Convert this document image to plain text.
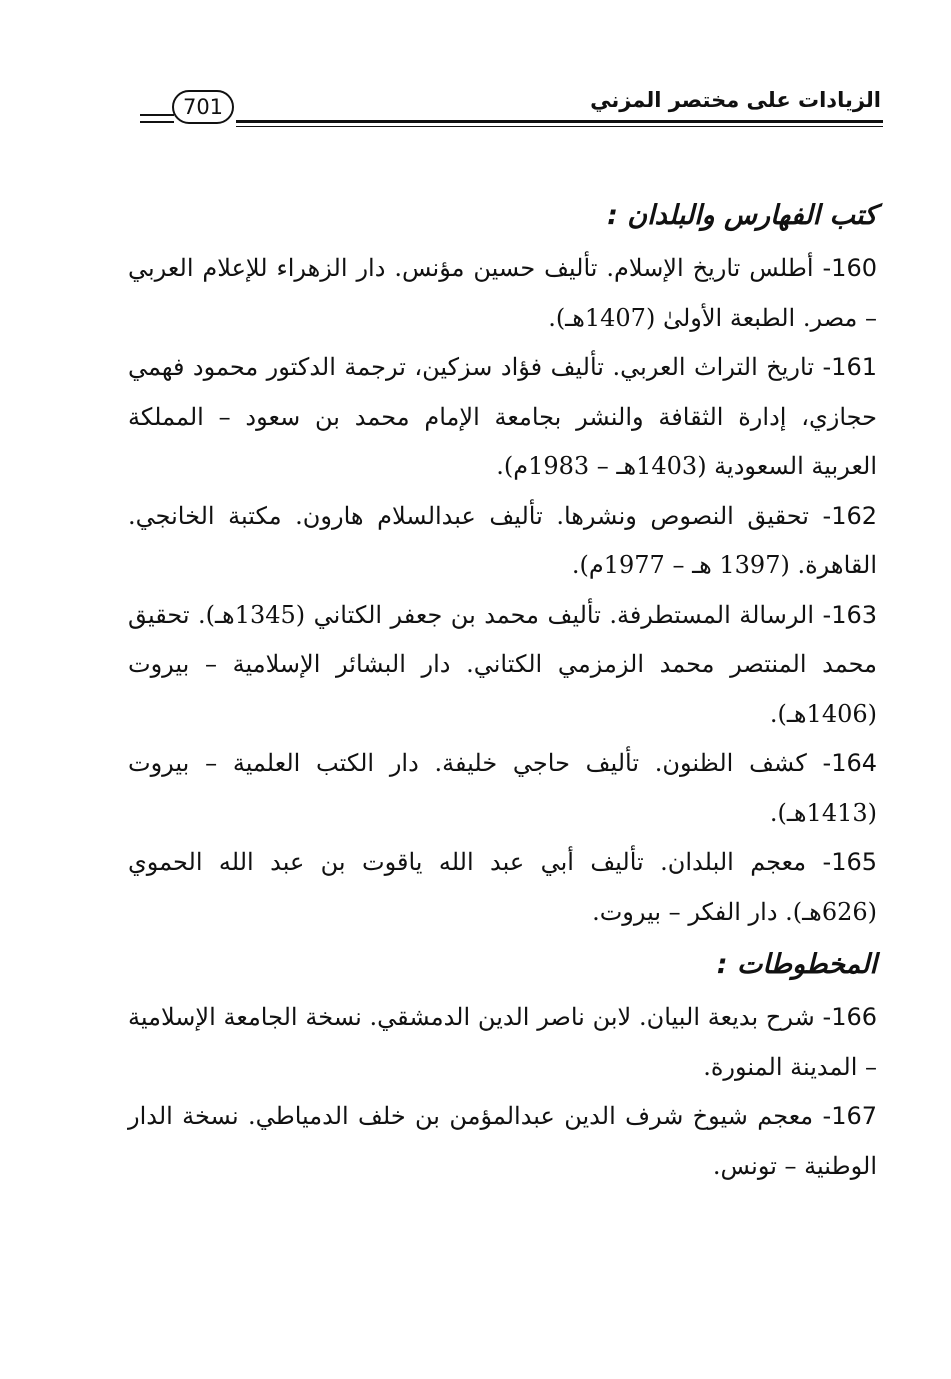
الزيادات على مختصر المزني
701
كتب الفهارس والبلدان :

160- أطلس تاريخ الإسلام. تأليف حسين مؤنس. دار الزهراء للإعلام العربي – مصر. الطبعة الأولىٰ (1407هـ).

161- تاريخ التراث العربي. تأليف فؤاد سزكين، ترجمة الدكتور محمود فهمي حجازي، إدارة الثقافة والنشر بجامعة الإمام محمد بن سعود – المملكة العربية السعودية (1403هـ – 1983م).

162- تحقيق النصوص ونشرها. تأليف عبدالسلام هارون. مكتبة الخانجي. القاهرة. (1397 هـ – 1977م).

163- الرسالة المستطرفة. تأليف محمد بن جعفر الكتاني (1345هـ). تحقيق محمد المنتصر محمد الزمزمي الكتاني. دار البشائر الإسلامية – بيروت (1406هـ).

164- كشف الظنون. تأليف حاجي خليفة. دار الكتب العلمية – بيروت (1413هـ).

165- معجم البلدان. تأليف أبي عبد الله ياقوت بن عبد الله الحموي (626هـ). دار الفكر – بيروت.

المخطوطات :

166- شرح بديعة البيان. لابن ناصر الدين الدمشقي. نسخة الجامعة الإسلامية – المدينة المنورة.

167- معجم شيوخ شرف الدين عبدالمؤمن بن خلف الدمياطي. نسخة الدار الوطنية – تونس.
